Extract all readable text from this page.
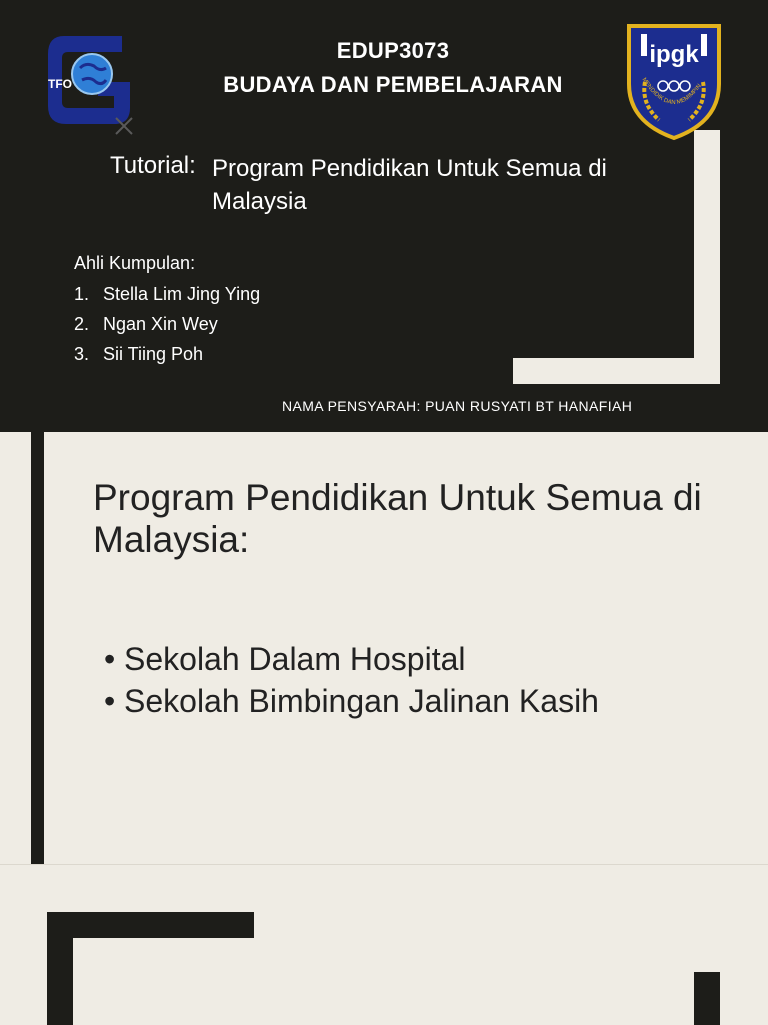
TFO
ipgk
MENDIDIK DAN MEMIMPIN
EDUP3073
BUDAYA DAN PEMBELAJARAN
Tutorial: Program Pendidikan Untuk Semua di Malaysia
Ahli Kumpulan:
1. Stella Lim Jing Ying
2. Ngan Xin Wey
3. Sii Tiing Poh
NAMA PENSYARAH: PUAN RUSYATI BT HANAFIAH
Program Pendidikan Untuk Semua di Malaysia:
• Sekolah Dalam Hospital
• Sekolah Bimbingan Jalinan Kasih
